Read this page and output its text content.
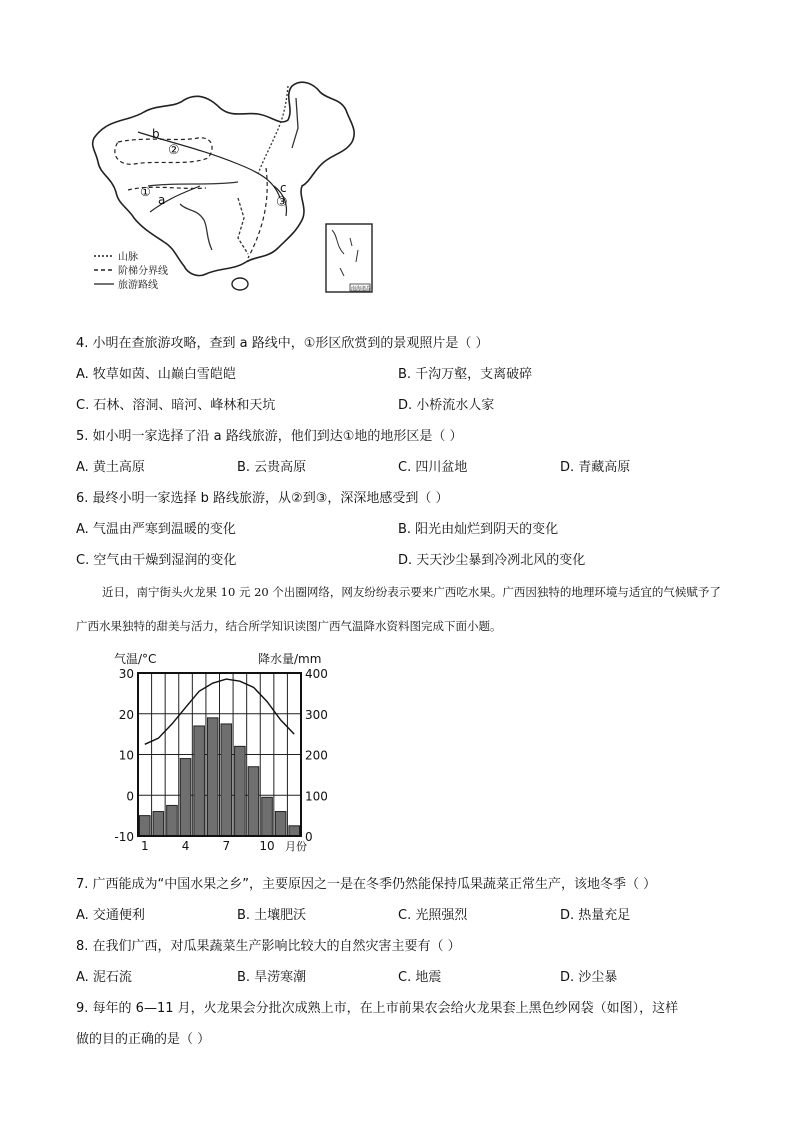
b
②
①
a
c
③
山脉
阶梯分界线
旅游路线	南海诸岛
4. 小明在查旅游攻略，查到 a 路线中，①形区欣赏到的景观照片是（ ）
A. 牧草如茵、山巅白雪皑皑	B. 千沟万壑，支离破碎
C. 石林、溶洞、暗河、峰林和天坑	D. 小桥流水人家
5. 如小明一家选择了沿 a 路线旅游，他们到达①地的地形区是（ ）
A. 黄土高原	B. 云贵高原	C. 四川盆地	D. 青藏高原
6. 最终小明一家选择 b 路线旅游，从②到③，深深地感受到（ ）
A. 气温由严寒到温暖的变化	B. 阳光由灿烂到阴天的变化
C. 空气由干燥到湿润的变化	D. 天天沙尘暴到冷冽北风的变化
近日，南宁街头火龙果 10 元 20 个出圈网络，网友纷纷表示要来广西吃水果。广西因独特的地理环境与适宜的气候赋予了广西水果独特的甜美与活力，结合所学知识读图广西气温降水资料图完成下面小题。
气温/°C	降水量/mm
30
20
10
0
-10
400
300
200
100
0
1	4	7 10 月份
7. 广西能成为“中国水果之乡”，主要原因之一是在冬季仍然能保持瓜果蔬菜正常生产，该地冬季（ ）
A. 交通便利	B. 土壤肥沃	C. 光照强烈	D. 热量充足
8. 在我们广西，对瓜果蔬菜生产影响比较大的自然灾害主要有（ ）
A. 泥石流	B. 旱涝寒潮	C. 地震	D. 沙尘暴
9. 每年的 6—11 月，火龙果会分批次成熟上市，在上市前果农会给火龙果套上黑色纱网袋（如图），这样
做的目的正确的是（ ）
